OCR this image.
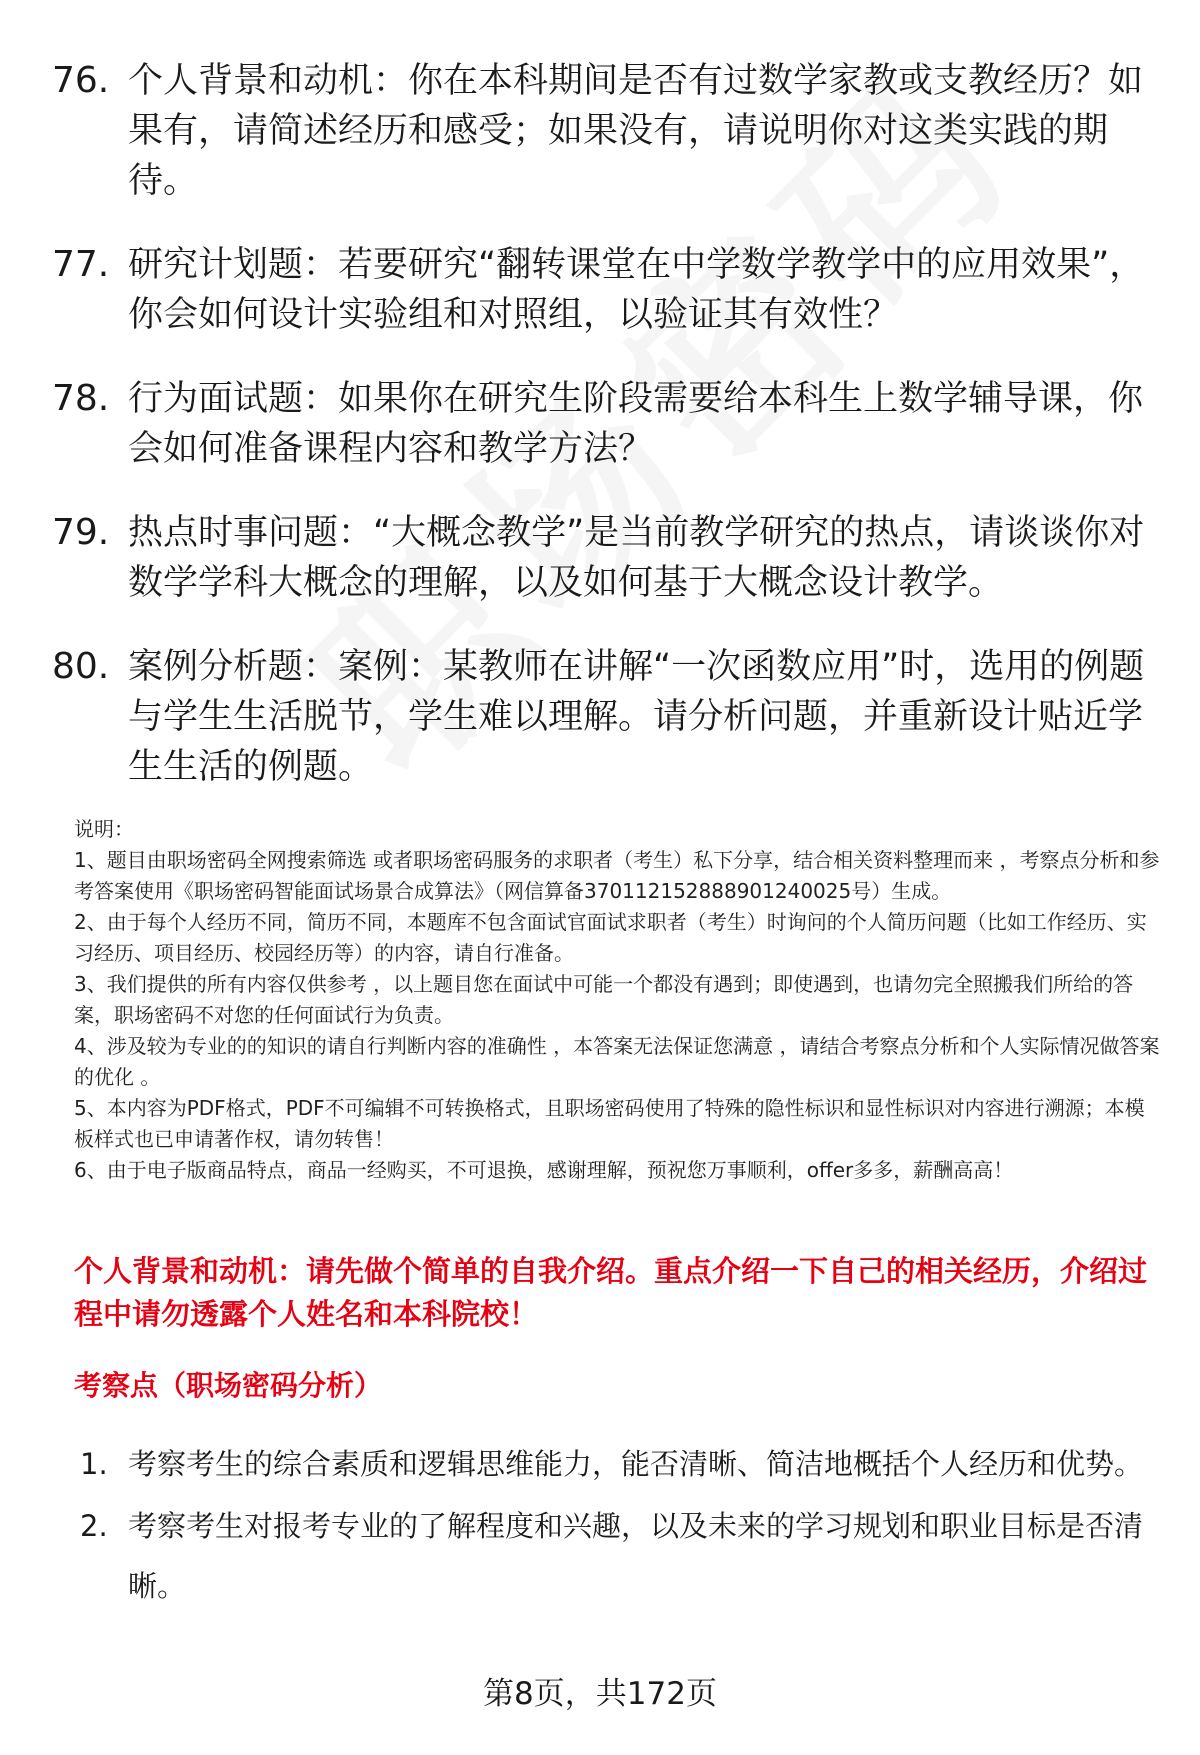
76. 个人背景和动机：你在本科期间是否有过数学家教或支教经历？如果有，请简述经历和感受；如果没有，请说明你对这类实践的期待。
77. 研究计划题：若要研究“翻转课堂在中学数学教学中的应用效果”，你会如何设计实验组和对照组，以验证其有效性？
78. 行为面试题：如果你在研究生阶段需要给本科生上数学辅导课，你会如何准备课程内容和教学方法？
79. 热点时事问题：“大概念教学”是当前教学研究的热点，请谈谈你对数学学科大概念的理解，以及如何基于大概念设计教学。
80. 案例分析题：案例：某教师在讲解“一次函数应用”时，选用的例题与学生生活脱节，学生难以理解。请分析问题，并重新设计贴近学生生活的例题。
说明：
1、题目由职场密码全网搜索筛选 或者职场密码服务的求职者（考生）私下分享，结合相关资料整理而来 ，考察点分析和参考答案使用《职场密码智能面试场景合成算法》（网信算备370112152888901240025号）生成。
2、由于每个人经历不同，简历不同，本题库不包含面试官面试求职者（考生）时询问的个人简历问题（比如工作经历、实习经历、项目经历、校园经历等）的内容，请自行准备。
3、我们提供的所有内容仅供参考 ，以上题目您在面试中可能一个都没有遇到；即使遇到，也请勿完全照搬我们所给的答案，职场密码不对您的任何面试行为负责。
4、涉及较为专业的的知识的请自行判断内容的准确性 ，本答案无法保证您满意 ，请结合考察点分析和个人实际情况做答案的优化 。
5、本内容为PDF格式，PDF不可编辑不可转换格式，且职场密码使用了特殊的隐性标识和显性标识对内容进行溯源；本模板样式也已申请著作权，请勿转售！
6、由于电子版商品特点，商品一经购买，不可退换，感谢理解，预祝您万事顺利，offer多多，薪酬高高！
个人背景和动机：请先做个简单的自我介绍。重点介绍一下自己的相关经历，介绍过程中请勿透露个人姓名和本科院校！
考察点（职场密码分析）
1. 考察考生的综合素质和逻辑思维能力，能否清晰、简洁地概括个人经历和优势。
2. 考察考生对报考专业的了解程度和兴趣，以及未来的学习规划和职业目标是否清晰。
第8页，共172页
